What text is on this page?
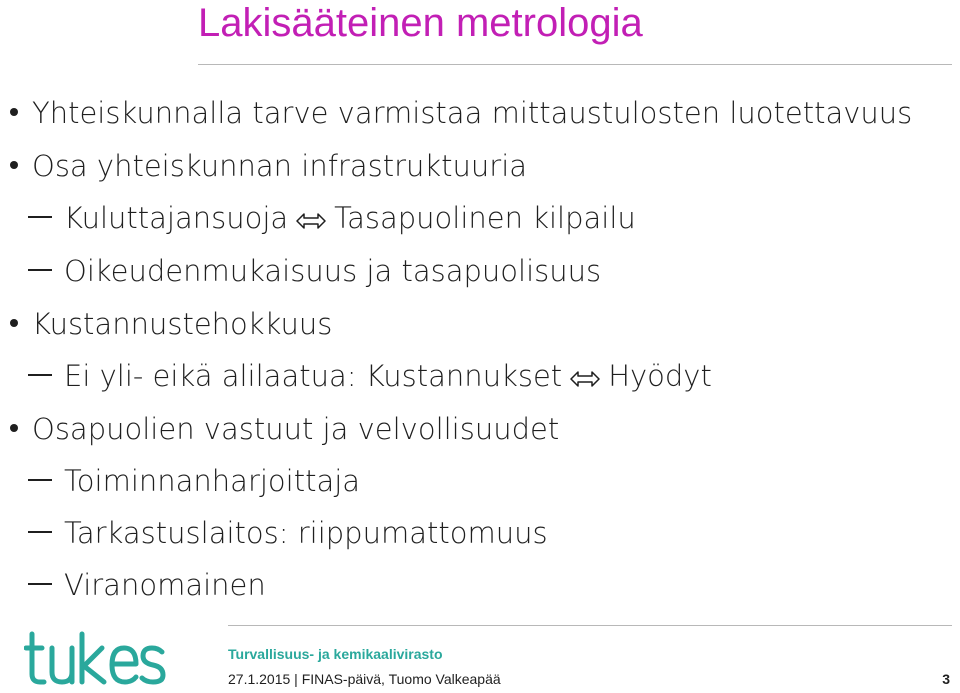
Lakisääteinen metrologia
Yhteiskunnalla tarve varmistaa mittaustulosten luotettavuus
Osa yhteiskunnan infrastruktuuria
Kuluttajansuoja Tasapuolinen kilpailu
Oikeudenmukaisuus ja tasapuolisuus
Kustannustehokkuus
Ei yli- eikä alilaatua: Kustannukset Hyödyt
Osapuolien vastuut ja velvollisuudet
Toiminnanharjoittaja
Tarkastuslaitos: riippumattomuus
Viranomainen
Turvallisuus- ja kemikaalivirasto
27.1.2015 | FINAS-päivä, Tuomo Valkeapää	3
